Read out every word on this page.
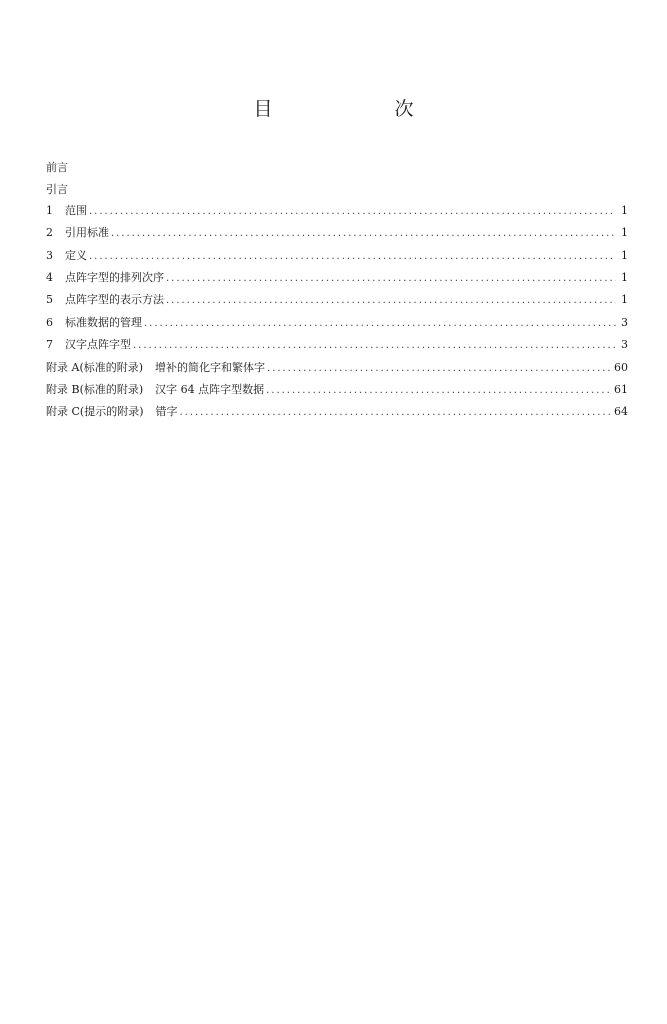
目 次
前言
引言
1	范围 . . .	1
2	引用标准 . . .	1
3	定义 . . .	1
4	点阵字型的排列次序 . . .	1
5	点阵字型的表示方法 . . .	1
6	标准数据的管理 . . .	3
7	汉字点阵字型 . . .	3
附录 A(标准的附录) 增补的简化字和繁体字 . . .	60
附录 B(标准的附录) 汉字 64 点阵字型数据 . . .	61
附录 C(提示的附录) 错字 . . .	64
